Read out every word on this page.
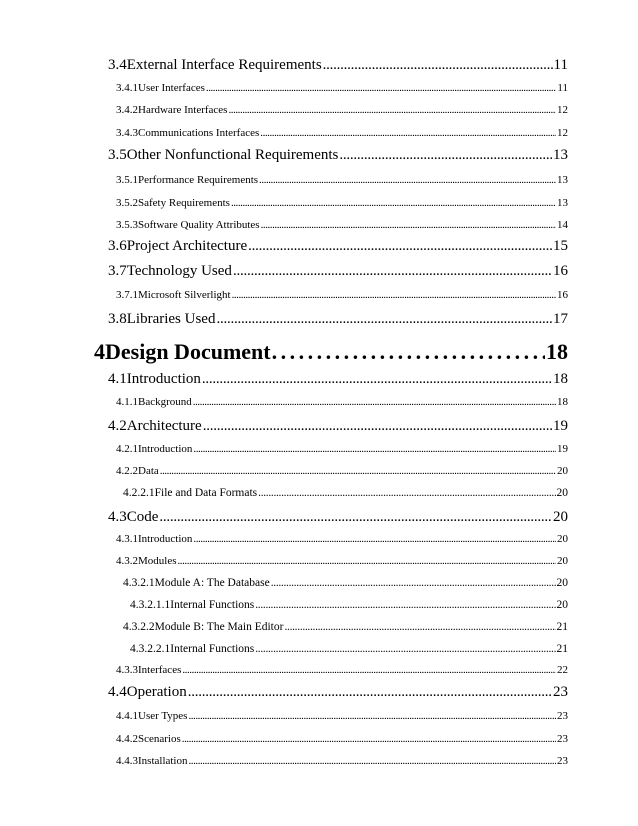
3.4 External Interface Requirements . . .	11
3.4.1 User Interfaces . . .	11
3.4.2 Hardware Interfaces . . .	12
3.4.3 Communications Interfaces . . .	12
3.5 Other Nonfunctional Requirements . . .	13
3.5.1 Performance Requirements . . .	13
3.5.2 Safety Requirements . . .	13
3.5.3 Software Quality Attributes . . .	14
3.6 Project Architecture . . .	15
3.7 Technology Used . . .	16
3.7.1 Microsoft Silverlight . . .	16
3.8 Libraries Used . . .	17
4 Design Document . . .	18
4.1 Introduction . . .	18
4.1.1 Background . . .	18
4.2 Architecture . . .	19
4.2.1 Introduction . . .	19
4.2.2 Data . . .	20
4.2.2.1 File and Data Formats . . .	20
4.3 Code . . .	20
4.3.1 Introduction . . .	20
4.3.2 Modules . . .	20
4.3.2.1 Module A: The Database . . .	20
4.3.2.1.1 Internal Functions . . .	20
4.3.2.2 Module B: The Main Editor . . .	21
4.3.2.2.1 Internal Functions . . .	21
4.3.3 Interfaces . . .	22
4.4 Operation . . .	23
4.4.1 User Types . . .	23
4.4.2 Scenarios . . .	23
4.4.3 Installation . . .	23
